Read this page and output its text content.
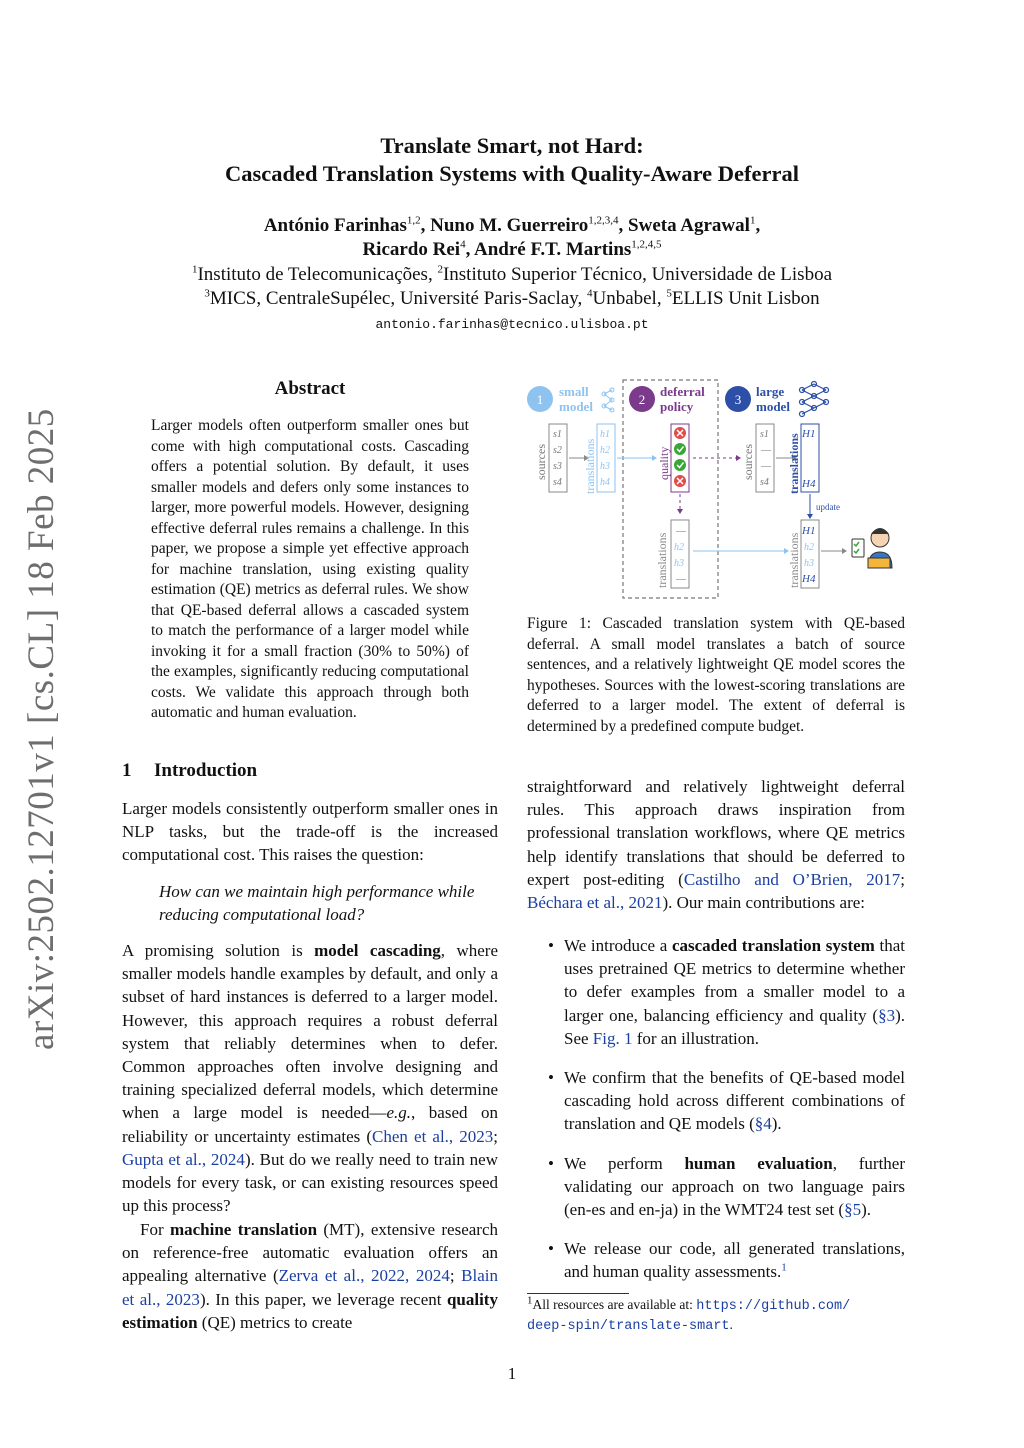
arXiv:2502.12701v1 [cs.CL] 18 Feb 2025
Translate Smart, not Hard:
Cascaded Translation Systems with Quality-Aware Deferral
António Farinhas$^{1,2}$, Nuno M. Guerreiro$^{1,2,3,4}$, Sweta Agrawal$^1$,
Ricardo Rei$^4$, André F.T. Martins$^{1,2,4,5}$
$^1$Instituto de Telecomunicações, $^2$Instituto Superior Técnico, Universidade de Lisboa
$^3$MICS, CentraleSupélec, Université Paris-Saclay, $^4$Unbabel, $^5$ELLIS Unit Lisbon
antonio.farinhas@tecnico.ulisboa.pt
Abstract
Larger models often outperform smaller ones but come with high computational costs. Cascading offers a potential solution. By default, it uses smaller models and defers only some instances to larger, more powerful models. However, designing effective deferral rules remains a challenge. In this paper, we propose a simple yet effective approach for machine translation, using existing quality estimation (QE) metrics as deferral rules. We show that QE-based deferral allows a cascaded system to match the performance of a larger model while invoking it for a small fraction (30% to 50%) of the examples, significantly reducing computational costs. We validate this approach through both automatic and human evaluation.
1 Introduction
Larger models consistently outperform smaller ones in NLP tasks, but the trade-off is the increased computational cost. This raises the question:
How can we maintain high performance while reducing computational load?
A promising solution is model cascading, where smaller models handle examples by default, and only a subset of hard instances is deferred to a larger model. However, this approach requires a robust deferral system that reliably determines when to defer. Common approaches often involve designing and training specialized deferral models, which determine when a large model is needed—e.g., based on reliability or uncertainty estimates (Chen et al., 2023; Gupta et al., 2024). But do we really need to train new models for every task, or can existing resources speed up this process?
For machine translation (MT), extensive research on reference-free automatic evaluation offers an appealing alternative (Zerva et al., 2022, 2024; Blain et al., 2023). In this paper, we leverage recent quality estimation (QE) metrics to create
1
small
model	2
deferral
policy	3
large
model
sources
s1
s2
s3
s4 translations
h1
h2
h3
h4
quality
translations
—
h2
h3
—
sources
s1
—
—
s4 translations H1
H4
update
translations
H1
h2
h3
H4
Figure 1: Cascaded translation system with QE-based deferral. A small model translates a batch of source sentences, and a relatively lightweight QE model scores the hypotheses. Sources with the lowest-scoring translations are deferred to a larger model. The extent of deferral is determined by a predefined compute budget.
straightforward and relatively lightweight deferral rules. This approach draws inspiration from professional translation workflows, where QE metrics help identify translations that should be deferred to expert post-editing (Castilho and O’Brien, 2017; Béchara et al., 2021). Our main contributions are:
• We introduce a cascaded translation system that uses pretrained QE metrics to determine whether to defer examples from a smaller model to a larger one, balancing efficiency and quality (§3). See Fig. 1 for an illustration.
• We confirm that the benefits of QE-based model cascading hold across different combinations of translation and QE models (§4).
• We perform human evaluation, further validating our approach on two language pairs (en-es and en-ja) in the WMT24 test set (§5).
• We release our code, all generated translations, and human quality assessments.$^1$
$^1$All resources are available at: https://github.com/
deep-spin/translate-smart.
1
